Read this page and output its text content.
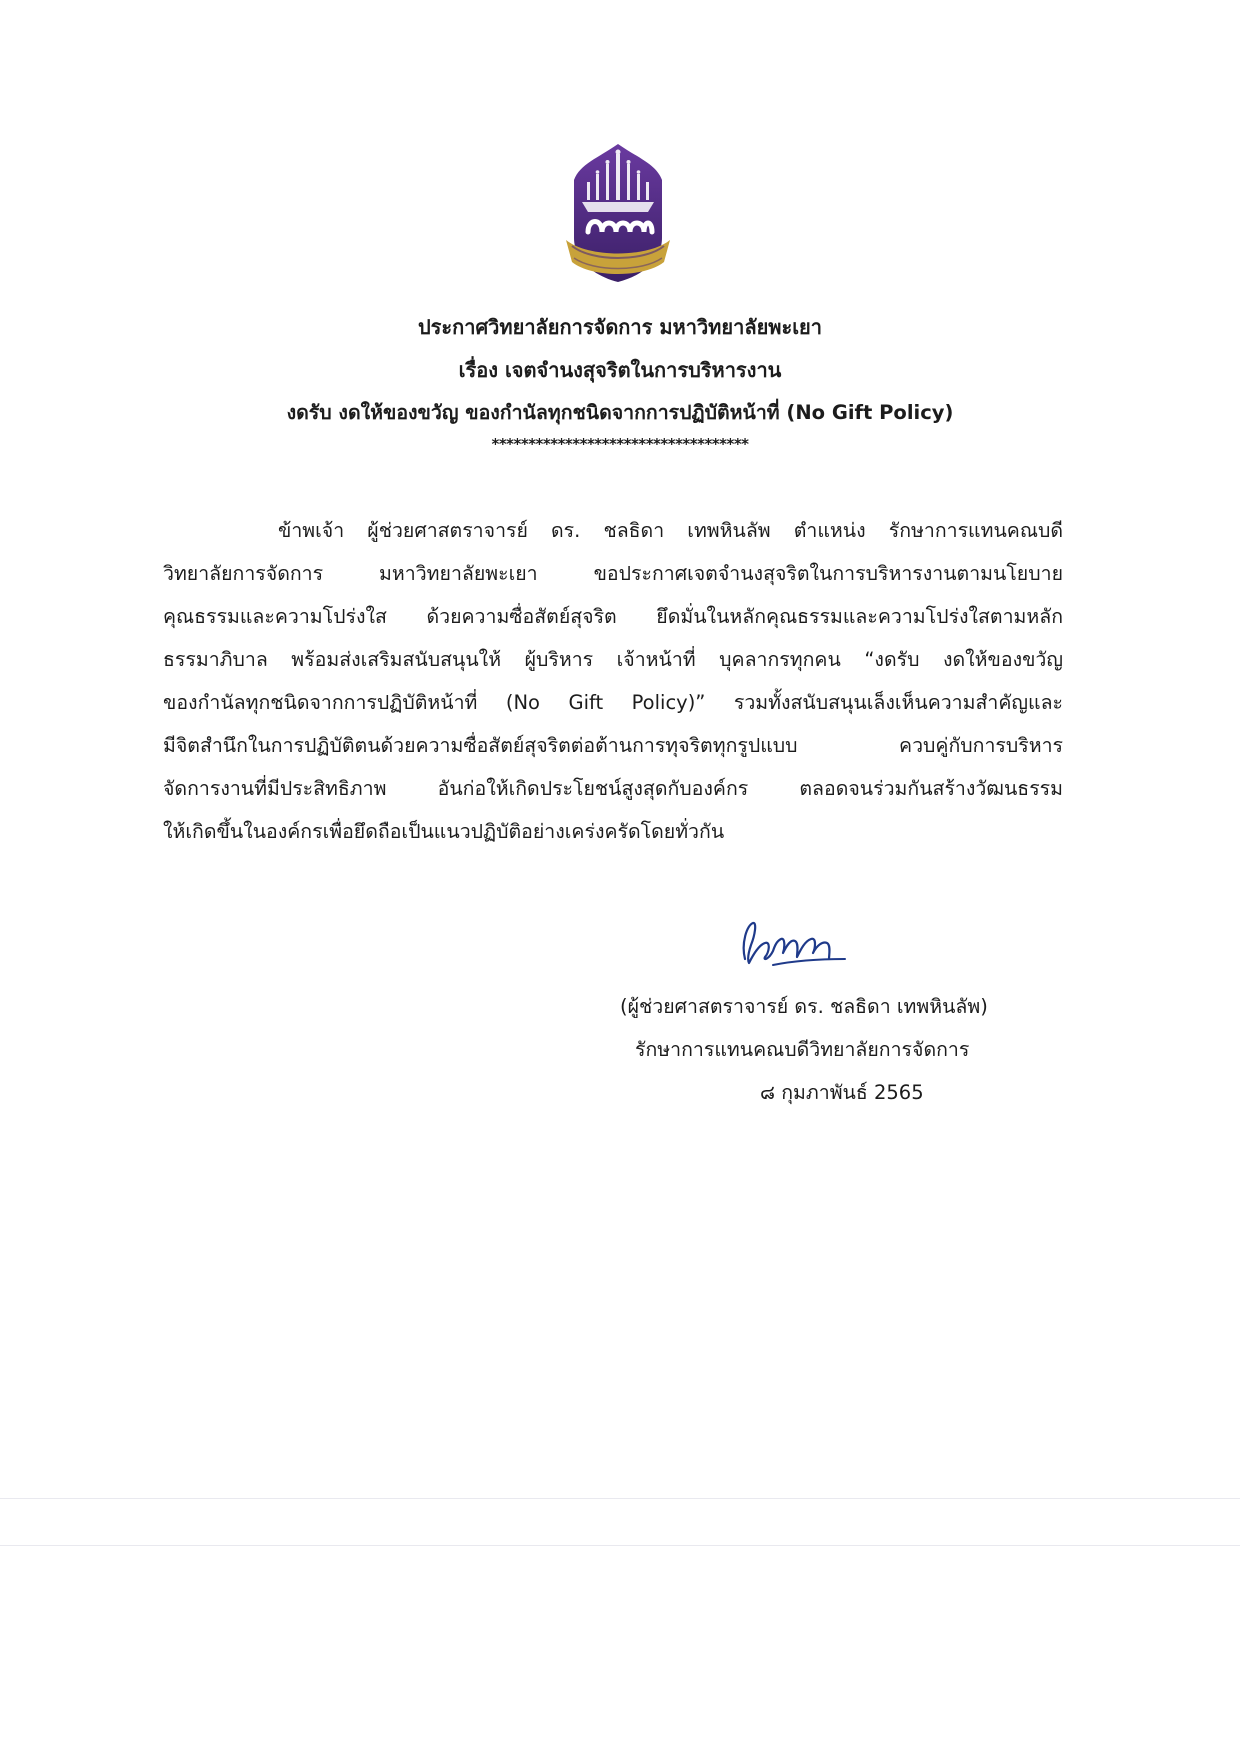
ประกาศวิทยาลัยการจัดการ มหาวิทยาลัยพะเยา
เรื่อง เจตจำนงสุจริตในการบริหารงาน
งดรับ งดให้ของขวัญ ของกำนัลทุกชนิดจากการปฏิบัติหน้าที่ (No Gift Policy)
***********************************
ข้าพเจ้า ผู้ช่วยศาสตราจารย์ ดร. ชลธิดา เทพหินลัพ ตำแหน่ง รักษาการแทนคณบดี
วิทยาลัยการจัดการ มหาวิทยาลัยพะเยา ขอประกาศเจตจำนงสุจริตในการบริหารงานตามนโยบาย
คุณธรรมและความโปร่งใส ด้วยความซื่อสัตย์สุจริต ยึดมั่นในหลักคุณธรรมและความโปร่งใสตามหลัก
ธรรมาภิบาล พร้อมส่งเสริมสนับสนุนให้ ผู้บริหาร เจ้าหน้าที่ บุคลากรทุกคน “งดรับ งดให้ของขวัญ
ของกำนัลทุกชนิดจากการปฏิบัติหน้าที่ (No Gift Policy)” รวมทั้งสนับสนุนเล็งเห็นความสำคัญและ
มีจิตสำนึกในการปฏิบัติตนด้วยความซื่อสัตย์สุจริตต่อต้านการทุจริตทุกรูปแบบ ควบคู่กับการบริหาร
จัดการงานที่มีประสิทธิภาพ อันก่อให้เกิดประโยชน์สูงสุดกับองค์กร ตลอดจนร่วมกันสร้างวัฒนธรรม
ให้เกิดขึ้นในองค์กรเพื่อยึดถือเป็นแนวปฏิบัติอย่างเคร่งครัดโดยทั่วกัน
(ผู้ช่วยศาสตราจารย์ ดร. ชลธิดา เทพหินลัพ)
รักษาการแทนคณบดีวิทยาลัยการจัดการ
๘ กุมภาพันธ์ 2565
